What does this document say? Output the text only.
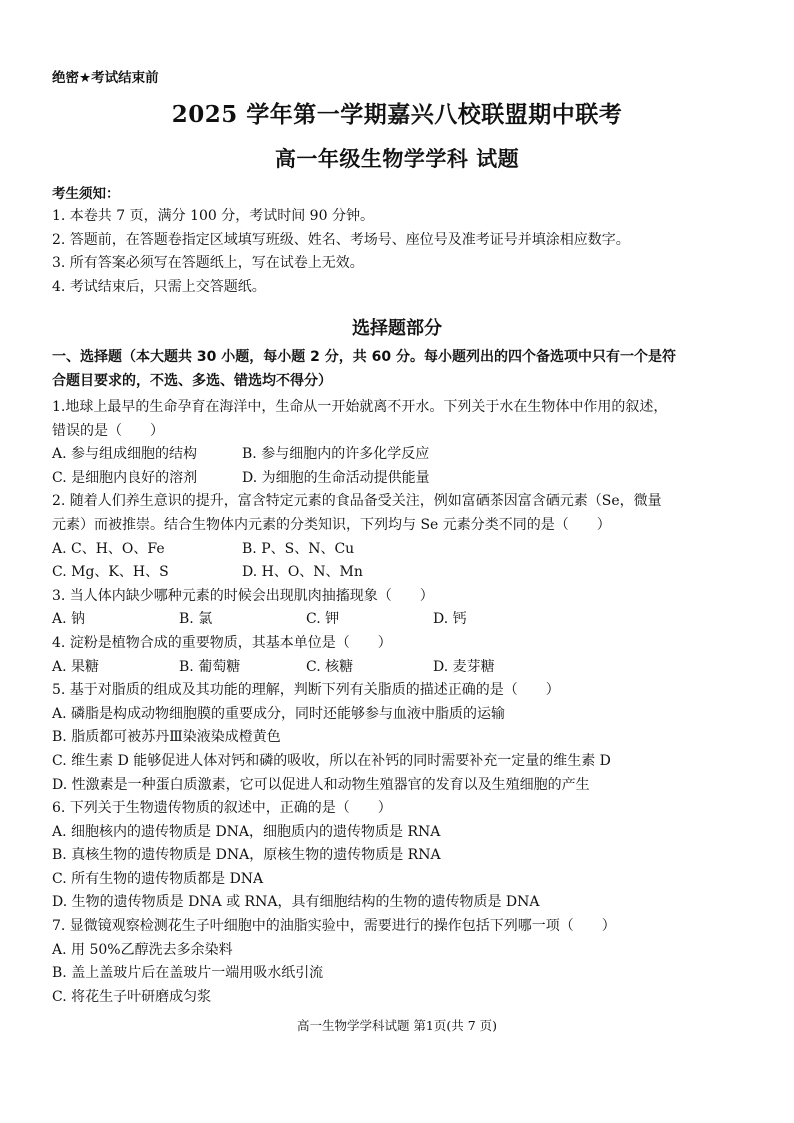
绝密★考试结束前
2025 学年第一学期嘉兴八校联盟期中联考
高一年级生物学学科 试题
考生须知：
1. 本卷共 7 页，满分 100 分，考试时间 90 分钟。
2. 答题前，在答题卷指定区域填写班级、姓名、考场号、座位号及准考证号并填涂相应数字。
3. 所有答案必须写在答题纸上，写在试卷上无效。
4. 考试结束后，只需上交答题纸。
选择题部分
一、选择题（本大题共 30 小题，每小题 2 分，共 60 分。每小题列出的四个备选项中只有一个是符
合题目要求的，不选、多选、错选均不得分）
1.地球上最早的生命孕育在海洋中，生命从一开始就离不开水。下列关于水在生物体中作用的叙述，
错误的是（　　）
A. 参与组成细胞的结构	B. 参与细胞内的许多化学反应
C. 是细胞内良好的溶剂	D. 为细胞的生命活动提供能量
2. 随着人们养生意识的提升，富含特定元素的食品备受关注，例如富硒茶因富含硒元素（Se，微量
元素）而被推崇。结合生物体内元素的分类知识，下列均与 Se 元素分类不同的是（　　）
A. C、H、O、Fe	B. P、S、N、Cu
C. Mg、K、H、S	D. H、O、N、Mn
3. 当人体内缺少哪种元素的时候会出现肌肉抽搐现象（　　）
A. 钠	B. 氯	C. 钾	D. 钙
4. 淀粉是植物合成的重要物质，其基本单位是（　　）
A. 果糖	B. 葡萄糖	C. 核糖	D. 麦芽糖
5. 基于对脂质的组成及其功能的理解，判断下列有关脂质的描述正确的是（　　）
A. 磷脂是构成动物细胞膜的重要成分，同时还能够参与血液中脂质的运输
B. 脂质都可被苏丹Ⅲ染液染成橙黄色
C. 维生素 D 能够促进人体对钙和磷的吸收，所以在补钙的同时需要补充一定量的维生素 D
D. 性激素是一种蛋白质激素，它可以促进人和动物生殖器官的发育以及生殖细胞的产生
6. 下列关于生物遗传物质的叙述中，正确的是（　　）
A. 细胞核内的遗传物质是 DNA，细胞质内的遗传物质是 RNA
B. 真核生物的遗传物质是 DNA，原核生物的遗传物质是 RNA
C. 所有生物的遗传物质都是 DNA
D. 生物的遗传物质是 DNA 或 RNA，具有细胞结构的生物的遗传物质是 DNA
7. 显微镜观察检测花生子叶细胞中的油脂实验中，需要进行的操作包括下列哪一项（　　）
A. 用 50%乙醇洗去多余染料
B. 盖上盖玻片后在盖玻片一端用吸水纸引流
C. 将花生子叶研磨成匀浆
高一生物学学科试题 第1页(共 7 页)
